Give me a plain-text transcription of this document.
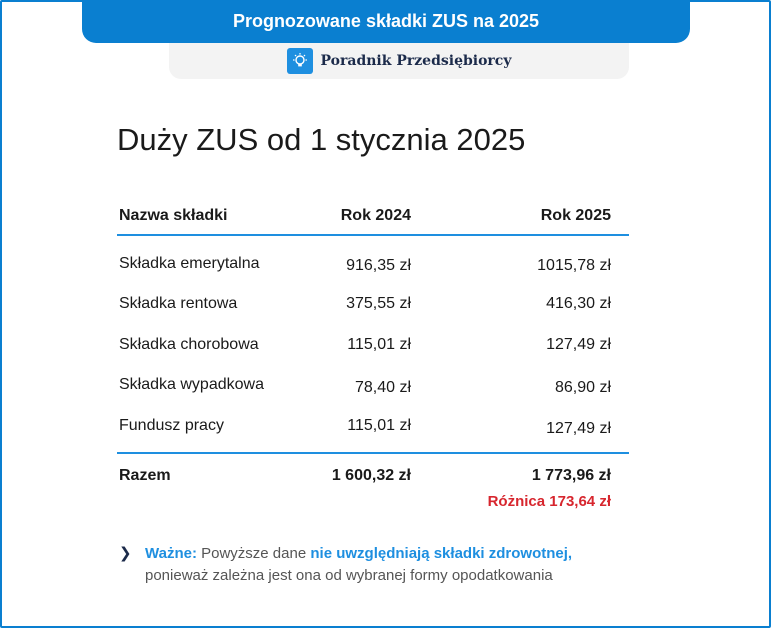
Prognozowane składki ZUS na 2025
Poradnik Przedsiębiorcy
Duży ZUS od 1 stycznia 2025
Nazwa składki	Rok 2024	Rok 2025
Składka emerytalna	916,35 zł	1015,78 zł
Składka rentowa	375,55 zł	416,30 zł
Składka chorobowa	115,01 zł	127,49 zł
Składka wypadkowa	78,40 zł	86,90 zł
Fundusz pracy	115,01 zł	127,49 zł
Razem	1 600,32 zł	1 773,96 zł
Różnica 173,64 zł
❯ Ważne: Powyższe dane nie uwzględniają składki zdrowotnej,
ponieważ zależna jest ona od wybranej formy opodatkowania
